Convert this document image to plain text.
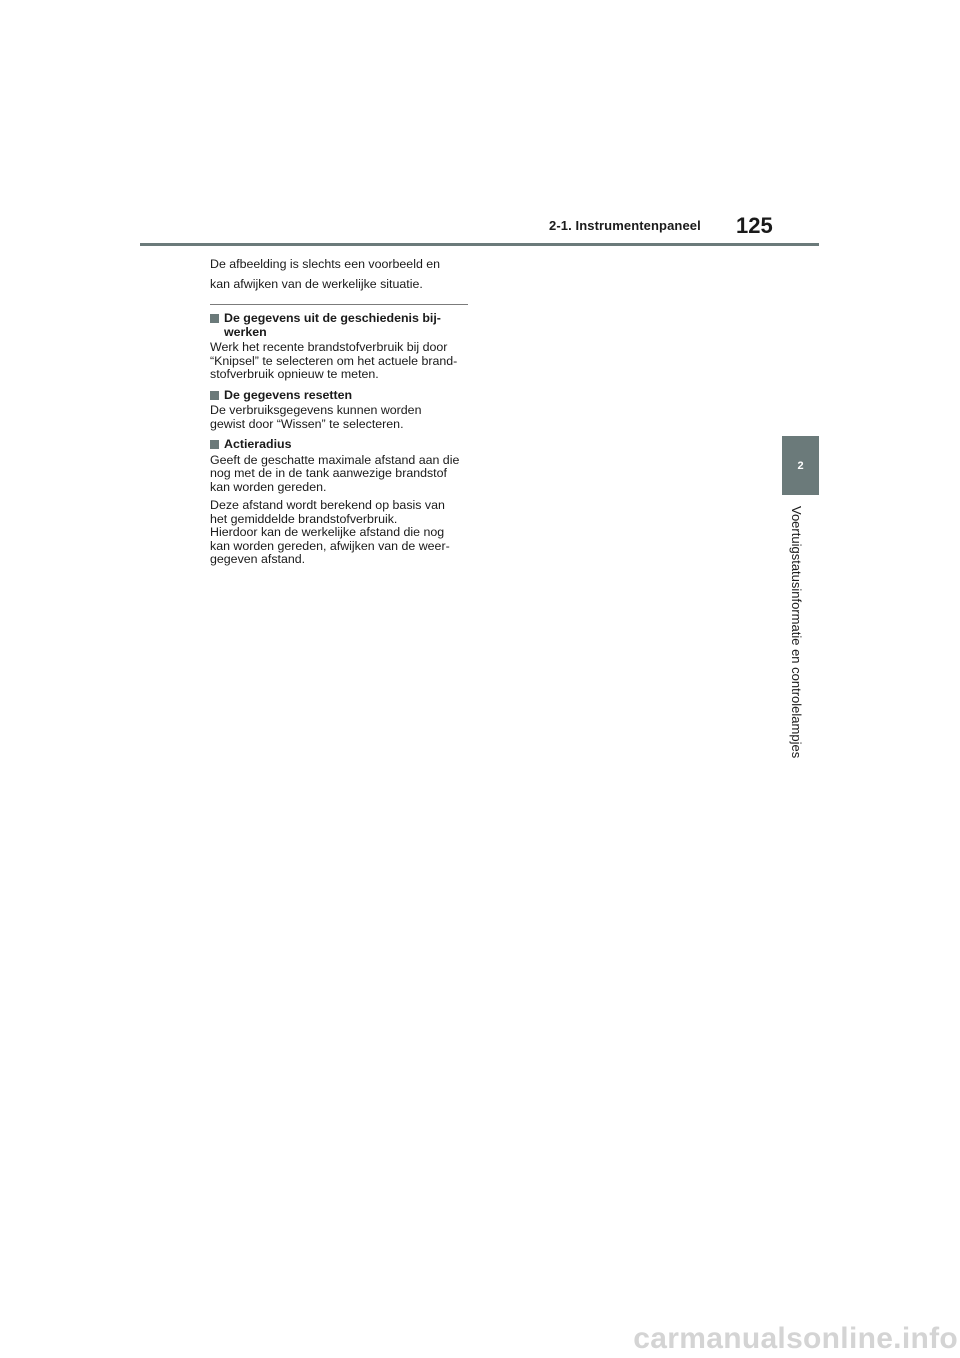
2-1. Instrumentenpaneel 125

De afbeelding is slechts een voorbeeld en

kan afwijken van de werkelijke situatie.

De gegevens uit de geschiedenis bij-
werken
Werk het recente brandstofverbruik bij door
“Knipsel” te selecteren om het actuele brand-
stofverbruik opnieuw te meten.
De gegevens resetten
De verbruiksgegevens kunnen worden
gewist door “Wissen” te selecteren.
Actieradius
Geeft de geschatte maximale afstand aan die
nog met de in de tank aanwezige brandstof
kan worden gereden.
Deze afstand wordt berekend op basis van
het gemiddelde brandstofverbruik.
Hierdoor kan de werkelijke afstand die nog
kan worden gereden, afwijken van de weer-
gegeven afstand.
2
Voertuigstatusinformatie en controlelampjes
carmanualsonline.info
